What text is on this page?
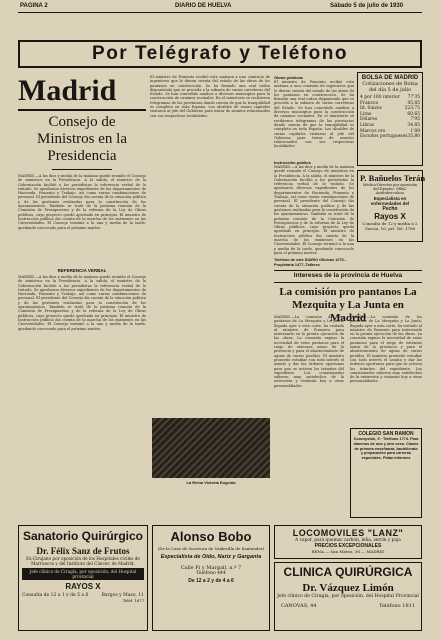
PAGINA 2	DIARIO DE HUELVA	Sábado 5 de julio de 1930
Por Telégrafo y Teléfono
Madrid
Consejo de Ministros en la Presidencia
MADRID.—A las diez y media de la mañana quedó reunido el Consejo de ministros en la Presidencia. A la salida, el ministro de la Gobernación facilitó a los periodistas la referencia verbal de lo tratado. Se aprobaron diversos expedientes de los departamentos de Hacienda, Fomento y Trabajo, así como varias combinaciones de personal. El presidente del Consejo dio cuenta de la situación política y de las gestiones realizadas para la constitución de los ayuntamientos. También se trató de la próxima reunión de la Comisión de Presupuestos y de la reforma de la Ley de Obras públicas, cuyo proyecto quedó aprobado en principio. El ministro de Instrucción pública dio cuenta de la marcha de los exámenes en las Universidades. El Consejo terminó a la una y media de la tarde, quedando convocado para el próximo martes.
REFERENCIA VERBAL
MADRID.—A las diez y media de la mañana quedó reunido el Consejo de ministros en la Presidencia. A la salida, el ministro de la Gobernación facilitó a los periodistas la referencia verbal de lo tratado. Se aprobaron diversos expedientes de los departamentos de Hacienda, Fomento y Trabajo, así como varias combinaciones de personal. El presidente del Consejo dio cuenta de la situación política y de las gestiones realizadas para la constitución de los ayuntamientos. También se trató de la próxima reunión de la Comisión de Presupuestos y de la reforma de la Ley de Obras públicas, cuyo proyecto quedó aprobado en principio. El ministro de Instrucción pública dio cuenta de la marcha de los exámenes en las Universidades. El Consejo terminó a la una y media de la tarde, quedando convocado para el próximo martes.
El ministro de Fomento recibió esta mañana a una comisión de ingenieros que le dieron cuenta del estado de las obras de los pantanos en construcción. Se ha firmado una real orden disponiendo que se proceda a la subasta de varias carreteras del Estado. Se han concedido auxilios a diversos municipios para la construcción de caminos vecinales. En el ministerio se recibieron telegramas de las provincias dando cuenta de que la tranquilidad es completa en toda España. Los alcaldes de varias capitales visitaron al jefe del Gobierno para tratar de asuntos relacionados con sus respectivas localidades.
Obras públicas
El ministro de Fomento recibió esta mañana a una comisión de ingenieros que le dieron cuenta del estado de las obras de los pantanos en construcción. Se ha firmado una real orden disponiendo que se proceda a la subasta de varias carreteras del Estado. Se han concedido auxilios a diversos municipios para la construcción de caminos vecinales. En el ministerio se recibieron telegramas de las provincias dando cuenta de que la tranquilidad es completa en toda España. Los alcaldes de varias capitales visitaron al jefe del Gobierno para tratar de asuntos relacionados con sus respectivas localidades.
Instrucción pública
MADRID.—A las diez y media de la mañana quedó reunido el Consejo de ministros en la Presidencia. A la salida, el ministro de la Gobernación facilitó a los periodistas la referencia verbal de lo tratado. Se aprobaron diversos expedientes de los departamentos de Hacienda, Fomento y Trabajo, así como varias combinaciones de personal. El presidente del Consejo dio cuenta de la situación política y de las gestiones realizadas para la constitución de los ayuntamientos. También se trató de la próxima reunión de la Comisión de Presupuestos y de la reforma de la Ley de Obras públicas, cuyo proyecto quedó aprobado en principio. El ministro de Instrucción pública dio cuenta de la marcha de los exámenes en las Universidades. El Consejo terminó a la una y media de la tarde, quedando convocado para el próximo martes.
La Reina Victoria Eugenia
BOLSA DE MADRID
Cotizaciones de Bolsa del día 5 de julio
4 por 100 interior 77'35
Francos	45,85
Id. Suizos	223,75
Liras	60,65
Dólares	7'95
Libras	34,85
Marcos oro	1'89
Escudos portugueses 35,80
P. Bañuelos Terán
Médico-Director por oposición del Dpsario. Ofltal. Antituberculoso
Especialista en enfermedades del
Pecho
Rayos X
Consulta de 12 y media a 2
Garcia, 16, prl. Tel. 1760
Teléfono de este DIARIO Oficinas 1270.-Propietaria 1477.-Talleres
Intereses de la provincia de Huelva
La comisión pro pantanos La Mezquita y La Junta en Madrid
MADRID.—La comisión de los pantanos de La Mezquita y La Junta, llegada ayer a esta corte, ha visitado al ministro de Fomento para interesarle en la pronta ejecución de las obras. La comisión expuso la necesidad de estos pantanos para el riego de extensas zonas de la provincia y para el abastecimiento de aguas de varios pueblos. El ministro prometió estudiar con todo interés el asunto y dar las órdenes oportunas para que se activen los trámites del expediente. Los comisionados salieron muy satisfechos de la entrevista y visitarán hoy a otras personalidades.
MADRID.—La comisión de los pantanos de La Mezquita y La Junta, llegada ayer a esta corte, ha visitado al ministro de Fomento para interesarle en la pronta ejecución de las obras. La comisión expuso la necesidad de estos pantanos para el riego de extensas zonas de la provincia y para el abastecimiento de aguas de varios pueblos. El ministro prometió estudiar con todo interés el asunto y dar las órdenes oportunas para que se activen los trámites del expediente. Los comisionados salieron muy satisfechos de la entrevista y visitarán hoy a otras personalidades.
COLEGIO SAN RAMON
Concepción, 9 · Teléfono 1774. Para alumnos de uno y otro sexo. Clases de primera enseñanza, bachillerato y preparación para carreras especiales. Pídan informes
Sanatorio Quirúrgico
Dr. Félix Sanz de Frutos
Ex-Cirujano por oposición de los Hospitales civiles de Marruecos y del Instituto del Cáncer, de Madrid.
Jefe clínico de Cirugía, por oposición, del Hospital provincial
RAYOS X
Consulta de 12 a 1 y de 5 a 6	Burgos y Maso, 11
Teléf. 1677
Alonso Bobo
(De la Casa de Sucesora de Vaidecilla de Santander)
Especialista de Oído, Nariz y Garganta
Calle Pi y Margall, n.º 7
Teléfono 444
De 12 a 2 y de 4 a 6
LOCOMOVILES "LANZ"
A vapor, para quemar carbón, leña, serrín y paja
PRECIOS EXCEPCIONALES
RENA — San Mateo, 36 — MADRID
CLINICA QUIRÚRGICA
Dr. Vázquez Limón
Jefe clínico de Cirugía, por oposición, del Hospital Provincial
CANOVAS, 44	Teléfono 1811
